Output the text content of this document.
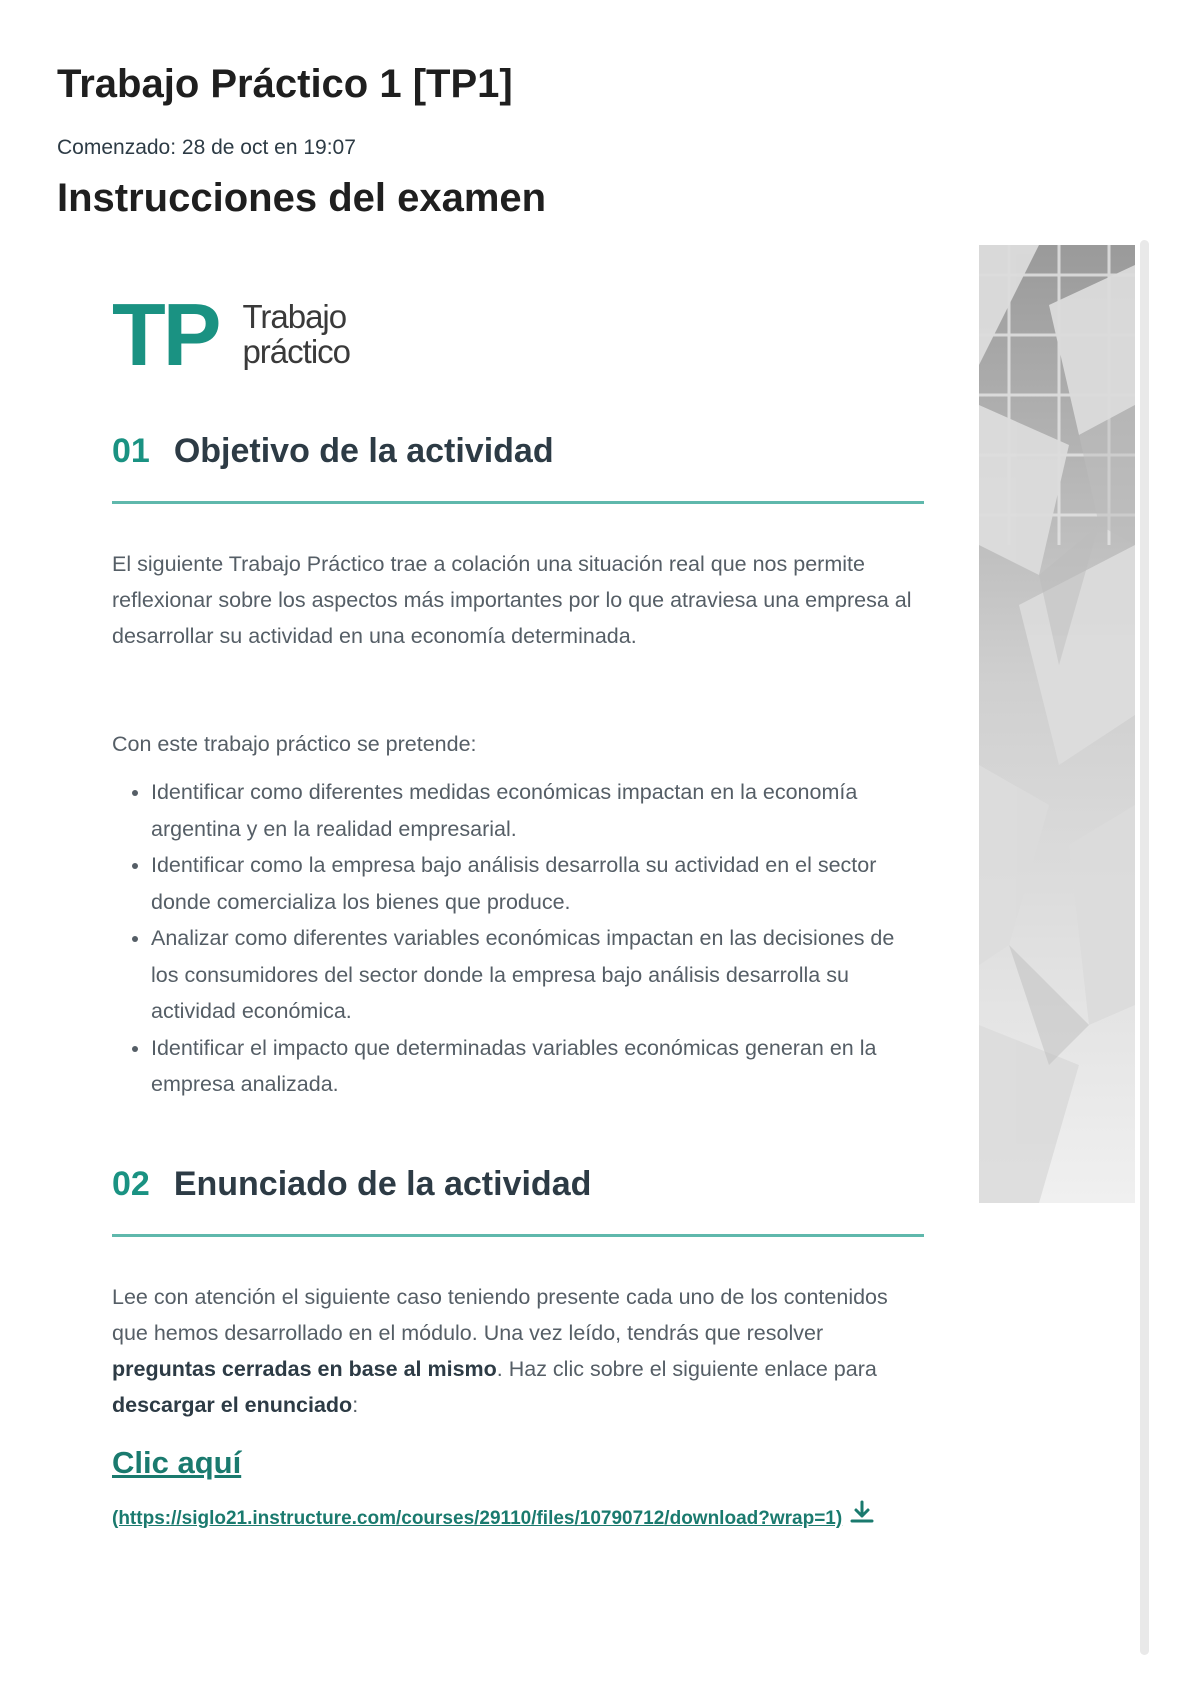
Trabajo Práctico 1 [TP1]
Comenzado: 28 de oct en 19:07
Instrucciones del examen
TP Trabajo
práctico
01 Objetivo de la actividad

El siguiente Trabajo Práctico trae a colación una situación real que nos permite reflexionar sobre los aspectos más importantes por lo que atraviesa una empresa al desarrollar su actividad en una economía determinada.

Con este trabajo práctico se pretende:

• Identificar como diferentes medidas económicas impactan en la economía argentina y en la realidad empresarial.
• Identificar como la empresa bajo análisis desarrolla su actividad en el sector donde comercializa los bienes que produce.
• Analizar como diferentes variables económicas impactan en las decisiones de los consumidores del sector donde la empresa bajo análisis desarrolla su actividad económica.
• Identificar el impacto que determinadas variables económicas generan en la empresa analizada.
02 Enunciado de la actividad

Lee con atención el siguiente caso teniendo presente cada uno de los contenidos que hemos desarrollado en el módulo. Una vez leído, tendrás que resolver preguntas cerradas en base al mismo. Haz clic sobre el siguiente enlace para descargar el enunciado:

Clic aquí
(https://siglo21.instructure.com/courses/29110/files/10790712/download?wrap=1)
